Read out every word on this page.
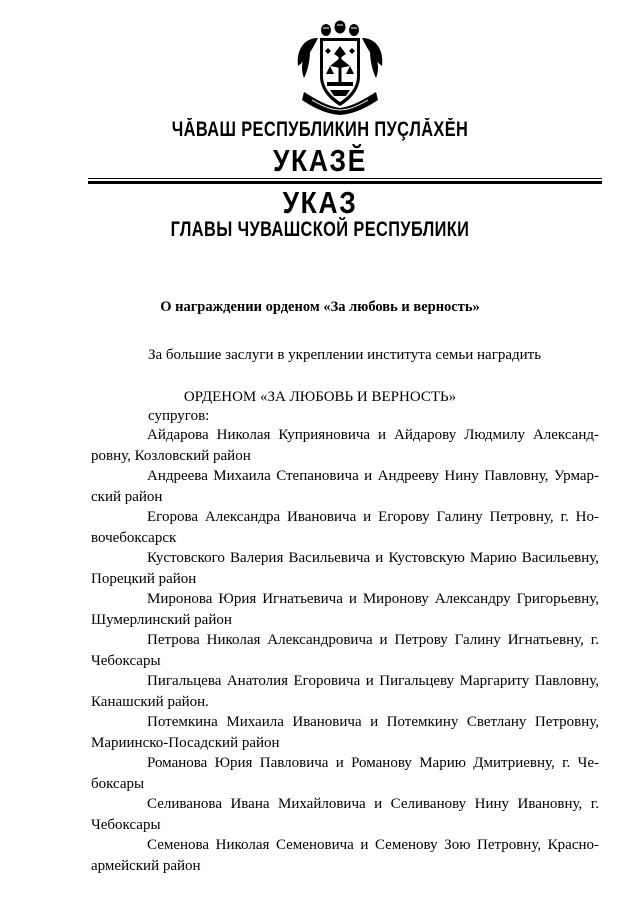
ЧĂВАШ РЕСПУБЛИКИН ПУÇЛĂХĔН
УКАЗĔ
УКАЗ
ГЛАВЫ ЧУВАШСКОЙ РЕСПУБЛИКИ
О награждении орденом «За любовь и верность»
За большие заслуги в укреплении института семьи наградить
ОРДЕНОМ «ЗА ЛЮБОВЬ И ВЕРНОСТЬ»
супругов:

Айдарова Николая Куприяновича и Айдарову Людмилу Александровну, Козловский район

Андреева Михаила Степановича и Андрееву Нину Павловну, Урмарский район

Егорова Александра Ивановича и Егорову Галину Петровну, г. Новочебоксарск

Кустовского Валерия Васильевича и Кустовскую Марию Васильевну, Порецкий район

Миронова Юрия Игнатьевича и Миронову Александру Григорьевну, Шумерлинский район

Петрова Николая Александровича и Петрову Галину Игнатьевну, г. Чебоксары

Пигальцева Анатолия Егоровича и Пигальцеву Маргариту Павловну, Канашский район.

Потемкина Михаила Ивановича и Потемкину Светлану Петровну, Мариинско-Посадский район

Романова Юрия Павловича и Романову Марию Дмитриевну, г. Чебоксары

Селиванова Ивана Михайловича и Селиванову Нину Ивановну, г. Чебоксары

Семенова Николая Семеновича и Семенову Зою Петровну, Красноармейский район
